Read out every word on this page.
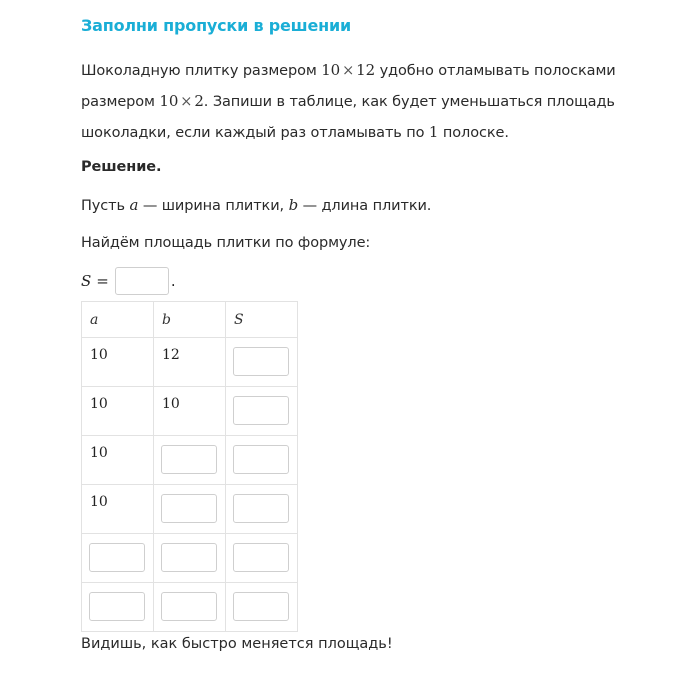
Заполни пропуски в решении
Шоколадную плитку размером 10 × 12 удобно отламывать полосками
размером 10 × 2. Запиши в таблице, как будет уменьшаться площадь
шоколадки, если каждый раз отламывать по 1 полоске.
Решение.
Пусть a — ширина плитки, b — длина плитки.
Найдём площадь плитки по формуле:
S =	.
a	b	S

10	12	

10	10	

10		

10		

Видишь, как быстро меняется площадь!
